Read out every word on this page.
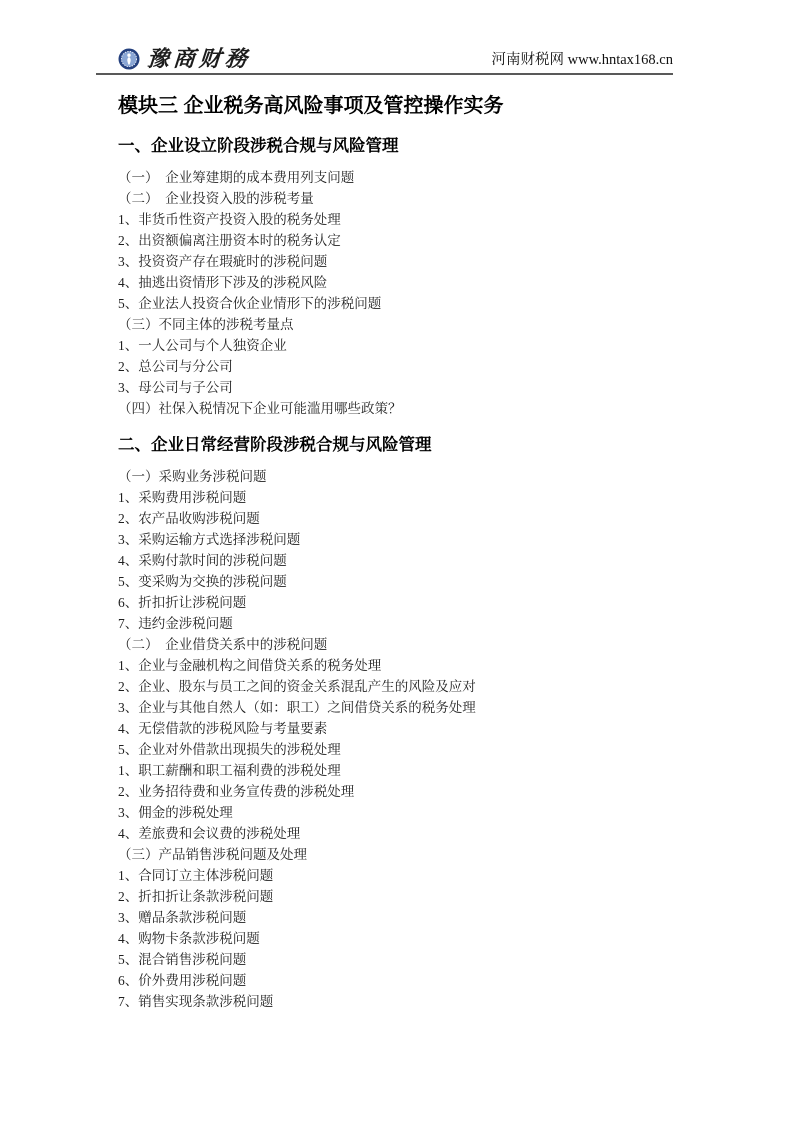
豫商财務	河南财税网 www.hntax168.cn
模块三 企业税务高风险事项及管控操作实务
一、企业设立阶段涉税合规与风险管理
（一）　企业筹建期的成本费用列支问题
（二）　企业投资入股的涉税考量
1、非货币性资产投资入股的税务处理
2、出资额偏离注册资本时的税务认定
3、投资资产存在瑕疵时的涉税问题
4、抽逃出资情形下涉及的涉税风险
5、企业法人投资合伙企业情形下的涉税问题
（三）不同主体的涉税考量点
1、一人公司与个人独资企业
2、总公司与分公司
3、母公司与子公司
（四）社保入税情况下企业可能滥用哪些政策？
二、企业日常经营阶段涉税合规与风险管理
（一）采购业务涉税问题
1、采购费用涉税问题
2、农产品收购涉税问题
3、采购运输方式选择涉税问题
4、采购付款时间的涉税问题
5、变采购为交换的涉税问题
6、折扣折让涉税问题
7、违约金涉税问题
（二）　企业借贷关系中的涉税问题
1、企业与金融机构之间借贷关系的税务处理
2、企业、股东与员工之间的资金关系混乱产生的风险及应对
3、企业与其他自然人（如：职工）之间借贷关系的税务处理
4、无偿借款的涉税风险与考量要素
5、企业对外借款出现损失的涉税处理
1、职工薪酬和职工福利费的涉税处理
2、业务招待费和业务宣传费的涉税处理
3、佣金的涉税处理
4、差旅费和会议费的涉税处理
（三）产品销售涉税问题及处理
1、合同订立主体涉税问题
2、折扣折让条款涉税问题
3、赠品条款涉税问题
4、购物卡条款涉税问题
5、混合销售涉税问题
6、价外费用涉税问题
7、销售实现条款涉税问题
